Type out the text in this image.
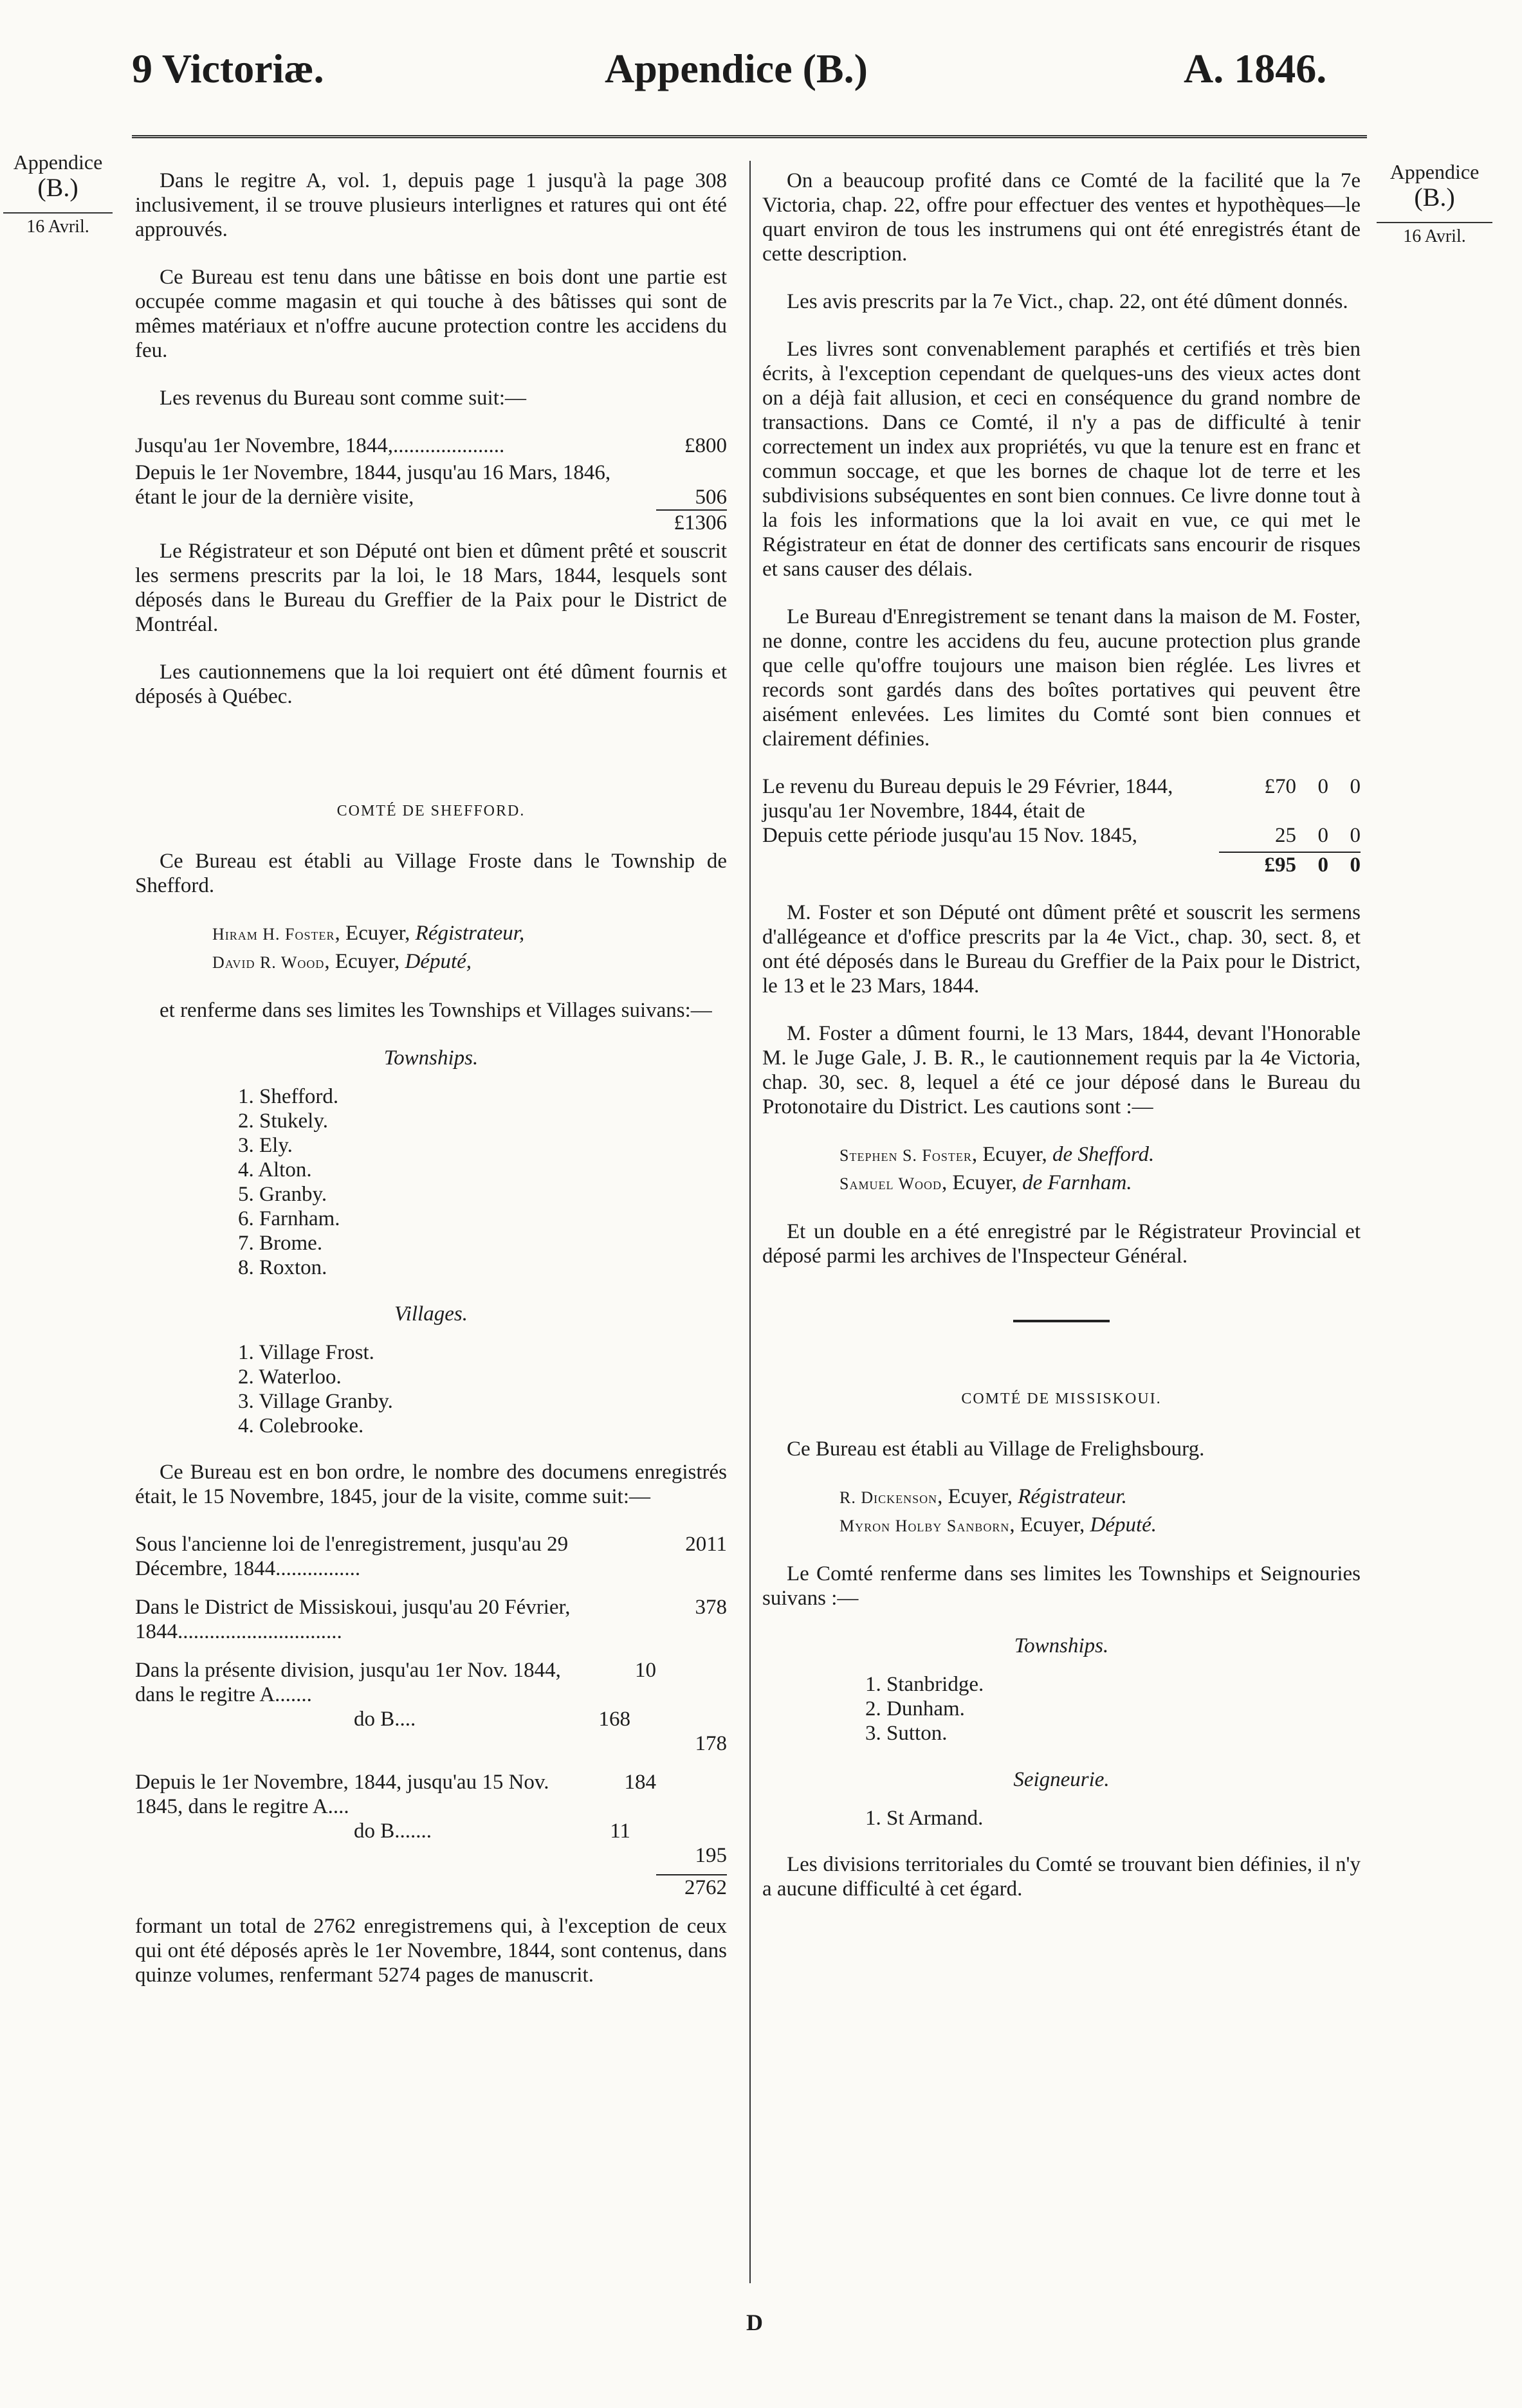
9 Victoriæ.	Appendice (B.)	A. 1846.
Appendice
(B.)
16 Avril.
Appendice
(B.)
16 Avril.

Dans le regitre A, vol. 1, depuis page 1 jusqu'à la page 308 inclusivement, il se trouve plusieurs interlignes et ratures qui ont été approuvés.

Ce Bureau est tenu dans une bâtisse en bois dont une partie est occupée comme magasin et qui touche à des bâtisses qui sont de mêmes matériaux et n'offre aucune protection contre les accidens du feu.

Les revenus du Bureau sont comme suit:—

Jusqu'au 1er Novembre, 1844,.....................	£800
Depuis le 1er Novembre, 1844, jusqu'au 16 Mars, 1846, étant le jour de la dernière visite,	506
£1306

Le Régistrateur et son Député ont bien et dûment prêté et souscrit les sermens prescrits par la loi, le 18 Mars, 1844, lesquels sont déposés dans le Bureau du Greffier de la Paix pour le District de Montréal.

Les cautionnemens que la loi requiert ont été dûment fournis et déposés à Québec.

COMTÉ DE SHEFFORD.

Ce Bureau est établi au Village Froste dans le Township de Shefford.

Hiram H. Foster, Ecuyer, Régistrateur,
David R. Wood, Ecuyer, Député,

et renferme dans ses limites les Townships et Villages suivans:—

Townships.
1. Shefford.
2. Stukely.
3. Ely.
4. Alton.
5. Granby.
6. Farnham.
7. Brome.
8. Roxton.
Villages.
1. Village Frost.
2. Waterloo.
3. Village Granby.
4. Colebrooke.

Ce Bureau est en bon ordre, le nombre des documens enregistrés était, le 15 Novembre, 1845, jour de la visite, comme suit:—

Sous l'ancienne loi de l'enregistrement, jusqu'au 29 Décembre, 1844................
2011
Dans le District de Missiskoui, jusqu'au 20 Février, 1844...............................
378
Dans la présente division, jusqu'au 1er Nov. 1844, dans le regitre A.......
10
do B....	168
178
Depuis le 1er Novembre, 1844, jusqu'au 15 Nov. 1845, dans le regitre A....
184
do B.......	11
195
2762

formant un total de 2762 enregistremens qui, à l'exception de ceux qui ont été déposés après le 1er Novembre, 1844, sont contenus, dans quinze volumes, renfermant 5274 pages de manuscrit.

On a beaucoup profité dans ce Comté de la facilité que la 7e Victoria, chap. 22, offre pour effectuer des ventes et hypothèques—le quart environ de tous les instrumens qui ont été enregistrés étant de cette description.

Les avis prescrits par la 7e Vict., chap. 22, ont été dûment donnés.

Les livres sont convenablement paraphés et certifiés et très bien écrits, à l'exception cependant de quelques-uns des vieux actes dont on a déjà fait allusion, et ceci en conséquence du grand nombre de transactions. Dans ce Comté, il n'y a pas de difficulté à tenir correctement un index aux propriétés, vu que la tenure est en franc et commun soccage, et que les bornes de chaque lot de terre et les subdivisions subséquentes en sont bien connues. Ce livre donne tout à la fois les informations que la loi avait en vue, ce qui met le Régistrateur en état de donner des certificats sans encourir de risques et sans causer des délais.

Le Bureau d'Enregistrement se tenant dans la maison de M. Foster, ne donne, contre les accidens du feu, aucune protection plus grande que celle qu'offre toujours une maison bien réglée. Les livres et records sont gardés dans des boîtes portatives qui peuvent être aisément enlevées. Les limites du Comté sont bien connues et clairement définies.

Le revenu du Bureau depuis le 29 Février, 1844, jusqu'au 1er Novembre, 1844, était de
£70	0	0
Depuis cette période jusqu'au 15 Nov. 1845,	25	0	0
£95	0	0

M. Foster et son Député ont dûment prêté et souscrit les sermens d'allégeance et d'office prescrits par la 4e Vict., chap. 30, sect. 8, et ont été déposés dans le Bureau du Greffier de la Paix pour le District, le 13 et le 23 Mars, 1844.

M. Foster a dûment fourni, le 13 Mars, 1844, devant l'Honorable M. le Juge Gale, J. B. R., le cautionnement requis par la 4e Victoria, chap. 30, sec. 8, lequel a été ce jour déposé dans le Bureau du Protonotaire du District. Les cautions sont :—

Stephen S. Foster, Ecuyer, de Shefford.
Samuel Wood, Ecuyer, de Farnham.

Et un double en a été enregistré par le Régistrateur Provincial et déposé parmi les archives de l'Inspecteur Général.

COMTÉ DE MISSISKOUI.

Ce Bureau est établi au Village de Frelighsbourg.

R. Dickenson, Ecuyer, Régistrateur.
Myron Holby Sanborn, Ecuyer, Député.

Le Comté renferme dans ses limites les Townships et Seignouries suivans :—

Townships.
1. Stanbridge.
2. Dunham.
3. Sutton.
Seigneurie.
1. St Armand.

Les divisions territoriales du Comté se trouvant bien définies, il n'y a aucune difficulté à cet égard.

D
